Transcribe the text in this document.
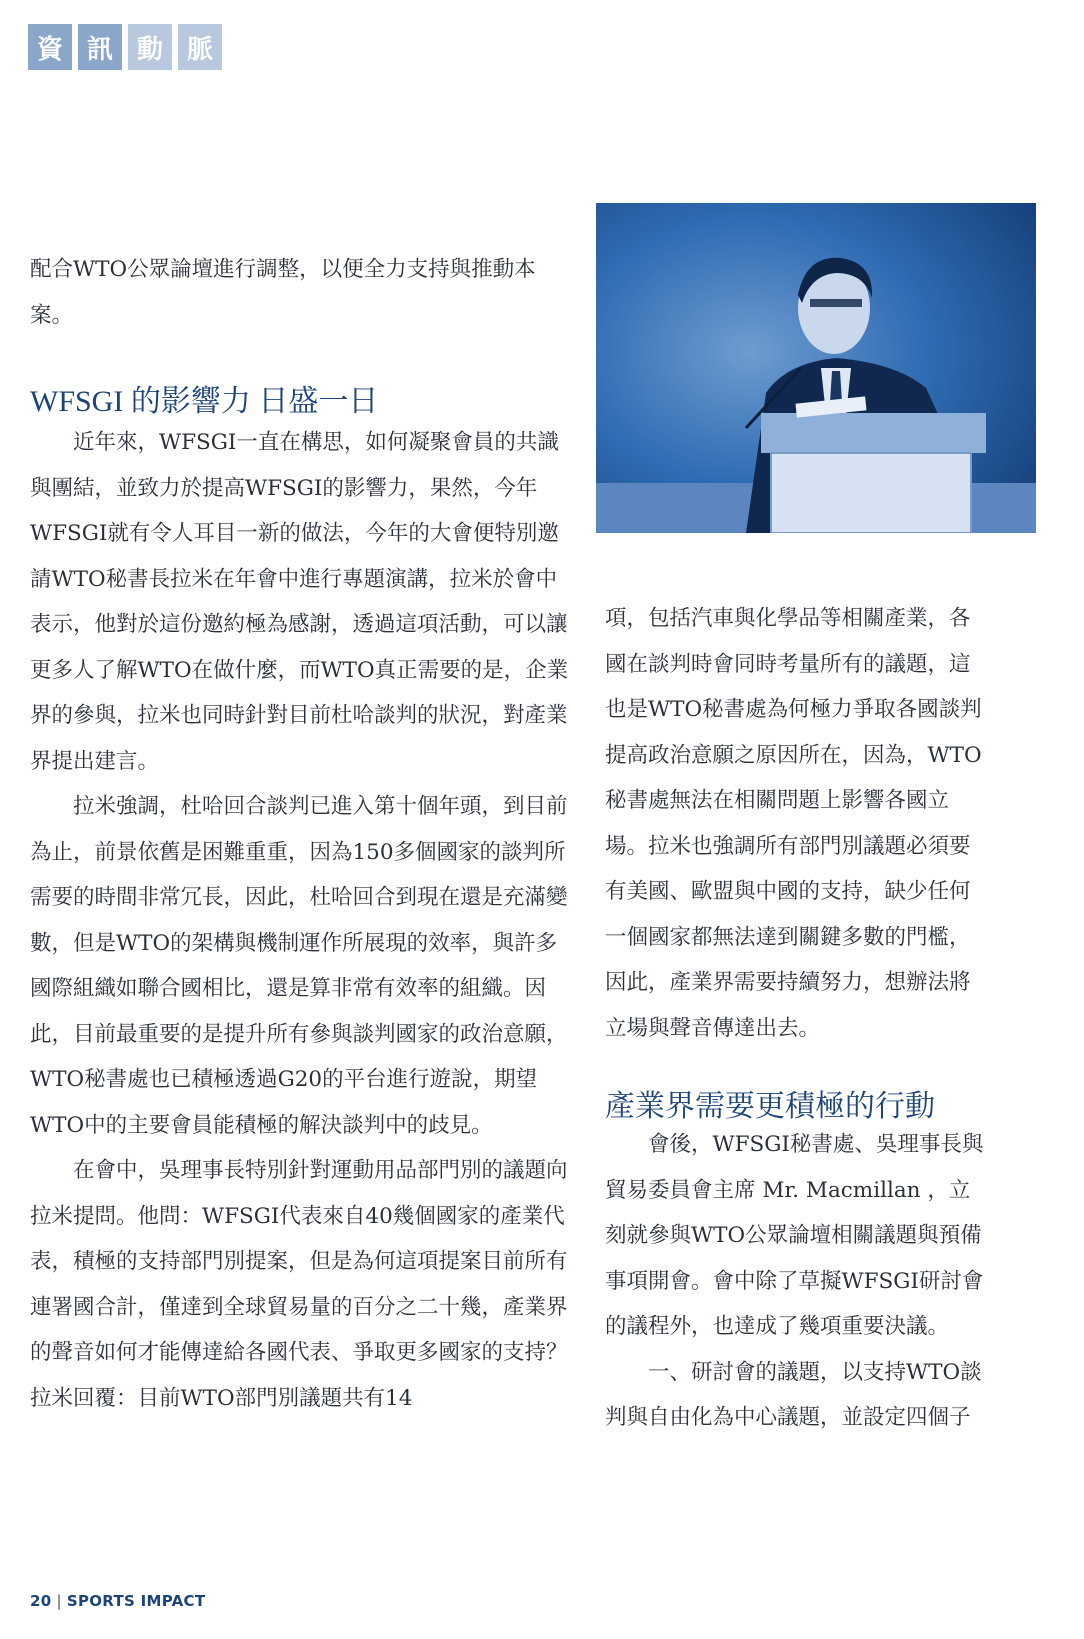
資 訊 動 脈

配合WTO公眾論壇進行調整，以便全力支持與推動本案。

WFSGI 的影響力 日盛一日

近年來，WFSGI一直在構思，如何凝聚會員的共識與團結，並致力於提高WFSGI的影響力，果然，今年WFSGI就有令人耳目一新的做法，今年的大會便特別邀請WTO秘書長拉米在年會中進行專題演講，拉米於會中表示，他對於這份邀約極為感謝，透過這項活動，可以讓更多人了解WTO在做什麼，而WTO真正需要的是，企業界的參與，拉米也同時針對目前杜哈談判的狀況，對產業界提出建言。

拉米強調，杜哈回合談判已進入第十個年頭，到目前為止，前景依舊是困難重重，因為150多個國家的談判所需要的時間非常冗長，因此，杜哈回合到現在還是充滿變數，但是WTO的架構與機制運作所展現的效率，與許多國際組織如聯合國相比，還是算非常有效率的組織。因此，目前最重要的是提升所有參與談判國家的政治意願，WTO秘書處也已積極透過G20的平台進行遊說，期望WTO中的主要會員能積極的解決談判中的歧見。

在會中，吳理事長特別針對運動用品部門別的議題向拉米提問。他問：WFSGI代表來自40幾個國家的產業代表，積極的支持部門別提案，但是為何這項提案目前所有連署國合計，僅達到全球貿易量的百分之二十幾，產業界的聲音如何才能傳達給各國代表、爭取更多國家的支持？拉米回覆：目前WTO部門別議題共有14

項，包括汽車與化學品等相關產業，各國在談判時會同時考量所有的議題，這也是WTO秘書處為何極力爭取各國談判提高政治意願之原因所在，因為，WTO秘書處無法在相關問題上影響各國立場。拉米也強調所有部門別議題必須要有美國、歐盟與中國的支持，缺少任何一個國家都無法達到關鍵多數的門檻，因此，產業界需要持續努力，想辦法將立場與聲音傳達出去。

產業界需要更積極的行動

會後，WFSGI秘書處、吳理事長與貿易委員會主席 Mr. Macmillan ，立刻就參與WTO公眾論壇相關議題與預備事項開會。會中除了草擬WFSGI研討會的議程外，也達成了幾項重要決議。

一、研討會的議題，以支持WTO談判與自由化為中心議題，並設定四個子

20 | SPORTS IMPACT
